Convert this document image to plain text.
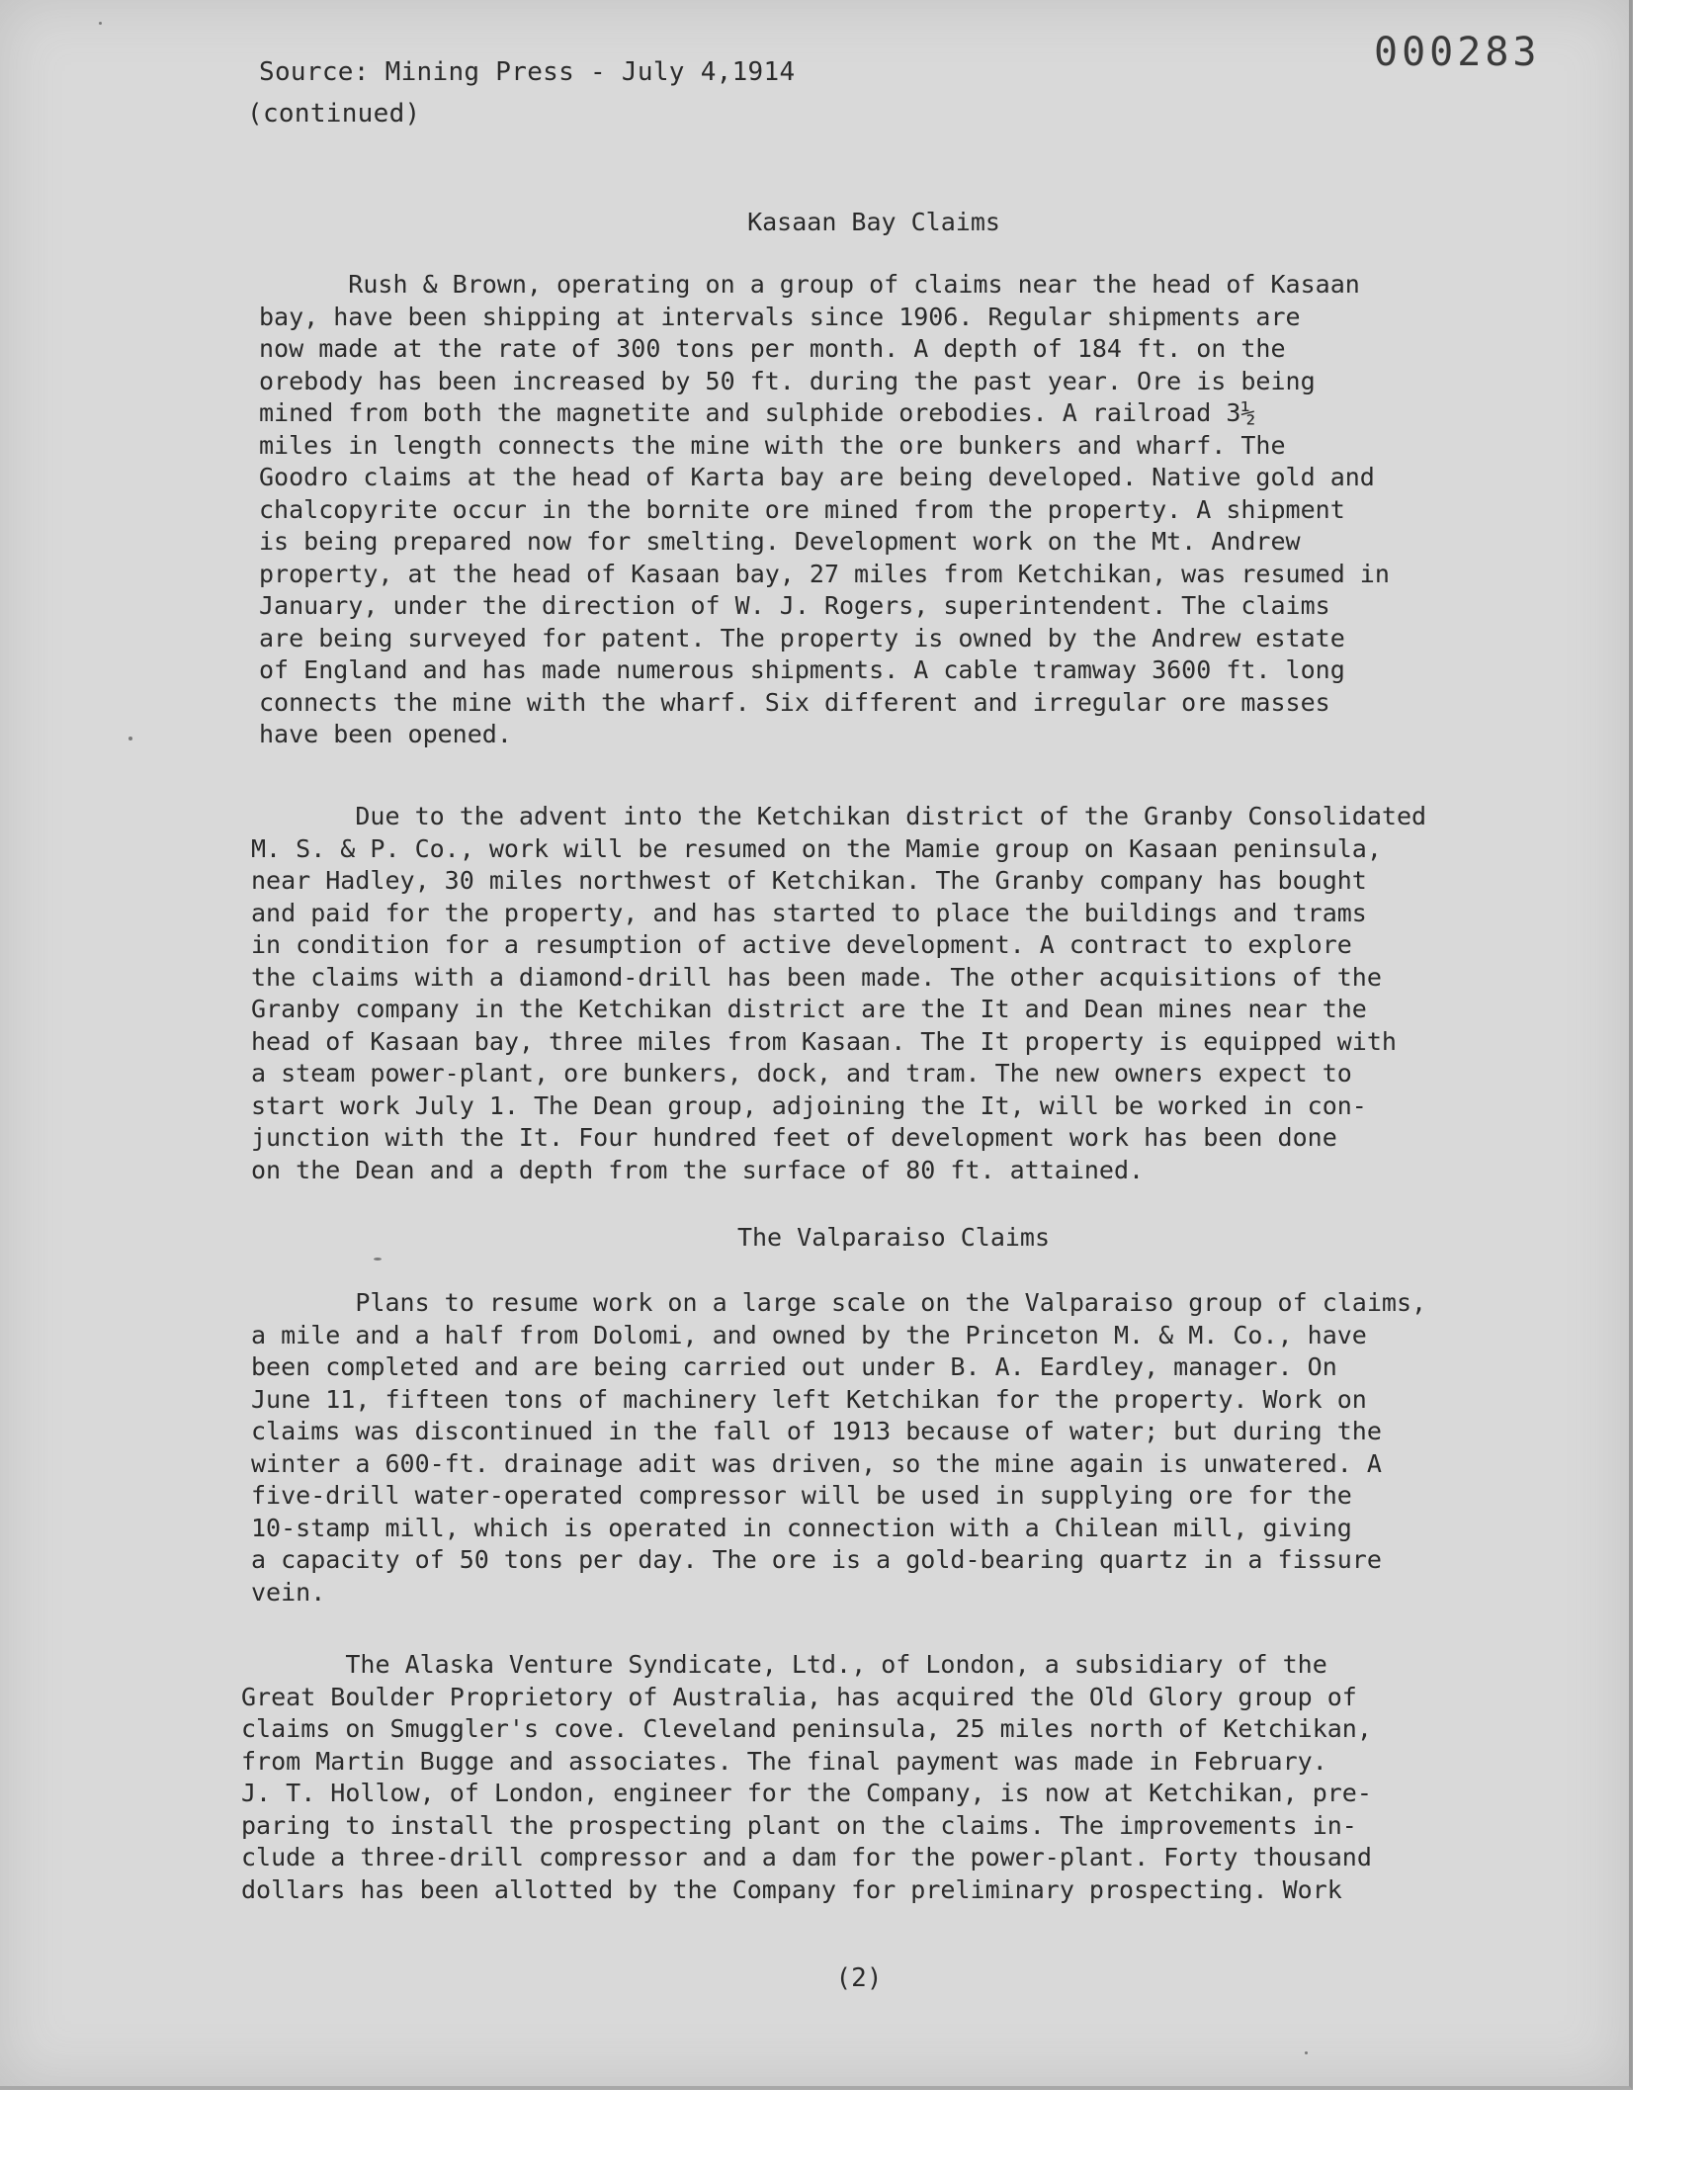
Source: Mining Press - July 4,1914
(continued)
000283
Kasaan Bay Claims
Rush & Brown, operating on a group of claims near the head of Kasaan
bay, have been shipping at intervals since 1906. Regular shipments are
now made at the rate of 300 tons per month. A depth of 184 ft. on the
orebody has been increased by 50 ft. during the past year. Ore is being
mined from both the magnetite and sulphide orebodies. A railroad 3½
miles in length connects the mine with the ore bunkers and wharf. The
Goodro claims at the head of Karta bay are being developed. Native gold and
chalcopyrite occur in the bornite ore mined from the property. A shipment
is being prepared now for smelting. Development work on the Mt. Andrew
property, at the head of Kasaan bay, 27 miles from Ketchikan, was resumed in
January, under the direction of W. J. Rogers, superintendent. The claims
are being surveyed for patent. The property is owned by the Andrew estate
of England and has made numerous shipments. A cable tramway 3600 ft. long
connects the mine with the wharf. Six different and irregular ore masses
have been opened.
Due to the advent into the Ketchikan district of the Granby Consolidated
M. S. & P. Co., work will be resumed on the Mamie group on Kasaan peninsula,
near Hadley, 30 miles northwest of Ketchikan. The Granby company has bought
and paid for the property, and has started to place the buildings and trams
in condition for a resumption of active development. A contract to explore
the claims with a diamond-drill has been made. The other acquisitions of the
Granby company in the Ketchikan district are the It and Dean mines near the
head of Kasaan bay, three miles from Kasaan. The It property is equipped with
a steam power-plant, ore bunkers, dock, and tram. The new owners expect to
start work July 1. The Dean group, adjoining the It, will be worked in con-
junction with the It. Four hundred feet of development work has been done
on the Dean and a depth from the surface of 80 ft. attained.
The Valparaiso Claims
Plans to resume work on a large scale on the Valparaiso group of claims,
a mile and a half from Dolomi, and owned by the Princeton M. & M. Co., have
been completed and are being carried out under B. A. Eardley, manager. On
June 11, fifteen tons of machinery left Ketchikan for the property. Work on
claims was discontinued in the fall of 1913 because of water; but during the
winter a 600-ft. drainage adit was driven, so the mine again is unwatered. A
five-drill water-operated compressor will be used in supplying ore for the
10-stamp mill, which is operated in connection with a Chilean mill, giving
a capacity of 50 tons per day. The ore is a gold-bearing quartz in a fissure
vein.
The Alaska Venture Syndicate, Ltd., of London, a subsidiary of the
Great Boulder Proprietory of Australia, has acquired the Old Glory group of
claims on Smuggler's cove. Cleveland peninsula, 25 miles north of Ketchikan,
from Martin Bugge and associates. The final payment was made in February.
J. T. Hollow, of London, engineer for the Company, is now at Ketchikan, pre-
paring to install the prospecting plant on the claims. The improvements in-
clude a three-drill compressor and a dam for the power-plant. Forty thousand
dollars has been allotted by the Company for preliminary prospecting. Work
(2)
